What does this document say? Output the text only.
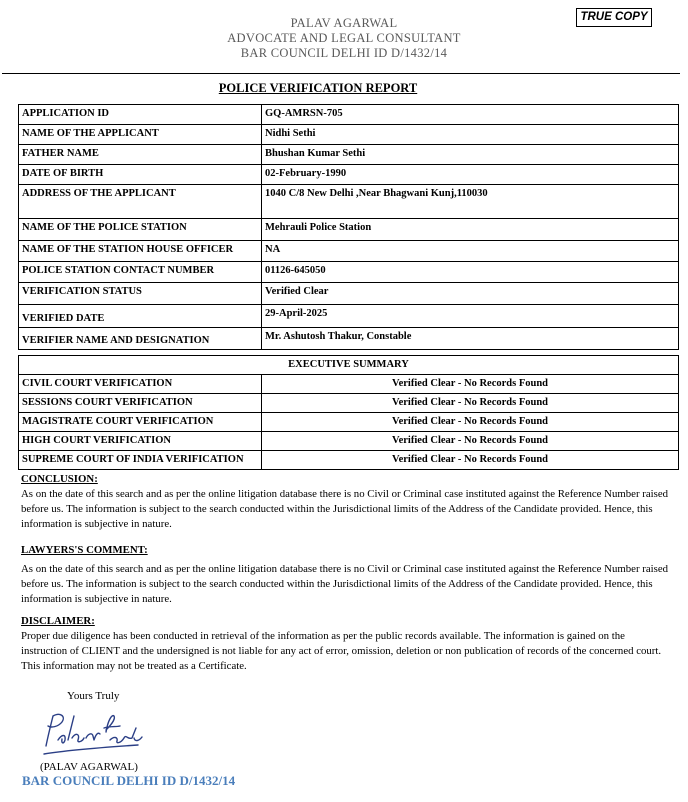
PALAV AGARWAL
ADVOCATE AND LEGAL CONSULTANT
BAR COUNCIL DELHI ID D/1432/14
TRUE COPY
POLICE VERIFICATION REPORT
APPLICATION ID	GQ-AMRSN-705
NAME OF THE APPLICANT	Nidhi Sethi
FATHER NAME	Bhushan Kumar Sethi
DATE OF BIRTH	02-February-1990
ADDRESS OF THE APPLICANT	1040 C/8 New Delhi ,Near Bhagwani Kunj,110030
NAME OF THE POLICE STATION	Mehrauli Police Station
NAME OF THE STATION HOUSE OFFICER	NA
POLICE STATION CONTACT NUMBER	01126-645050
VERIFICATION STATUS	Verified Clear
VERIFIED DATE	29-April-2025
VERIFIER NAME AND DESIGNATION	Mr. Ashutosh Thakur, Constable
EXECUTIVE SUMMARY	
CIVIL COURT VERIFICATION	Verified Clear - No Records Found
SESSIONS COURT VERIFICATION	Verified Clear - No Records Found
MAGISTRATE COURT VERIFICATION	Verified Clear - No Records Found
HIGH COURT VERIFICATION	Verified Clear - No Records Found
SUPREME COURT OF INDIA VERIFICATION	Verified Clear - No Records Found
CONCLUSION:
As on the date of this search and as per the online litigation database there is no Civil or Criminal case instituted against the Reference Number raised before us. The information is subject to the search conducted within the Jurisdictional limits of the Address of the Candidate provided. Hence, this information is subjective in nature.
LAWYERS'S COMMENT:
As on the date of this search and as per the online litigation database there is no Civil or Criminal case instituted against the Reference Number raised before us. The information is subject to the search conducted within the Jurisdictional limits of the Address of the Candidate provided. Hence, this information is subjective in nature.
DISCLAIMER:
Proper due diligence has been conducted in retrieval of the information as per the public records available. The information is gained on the instruction of CLIENT and the undersigned is not liable for any act of error, omission, deletion or non publication of records of the concerned court. This information may not be treated as a Certificate.
Yours Truly
(PALAV AGARWAL)
BAR COUNCIL DELHI ID D/1432/14
